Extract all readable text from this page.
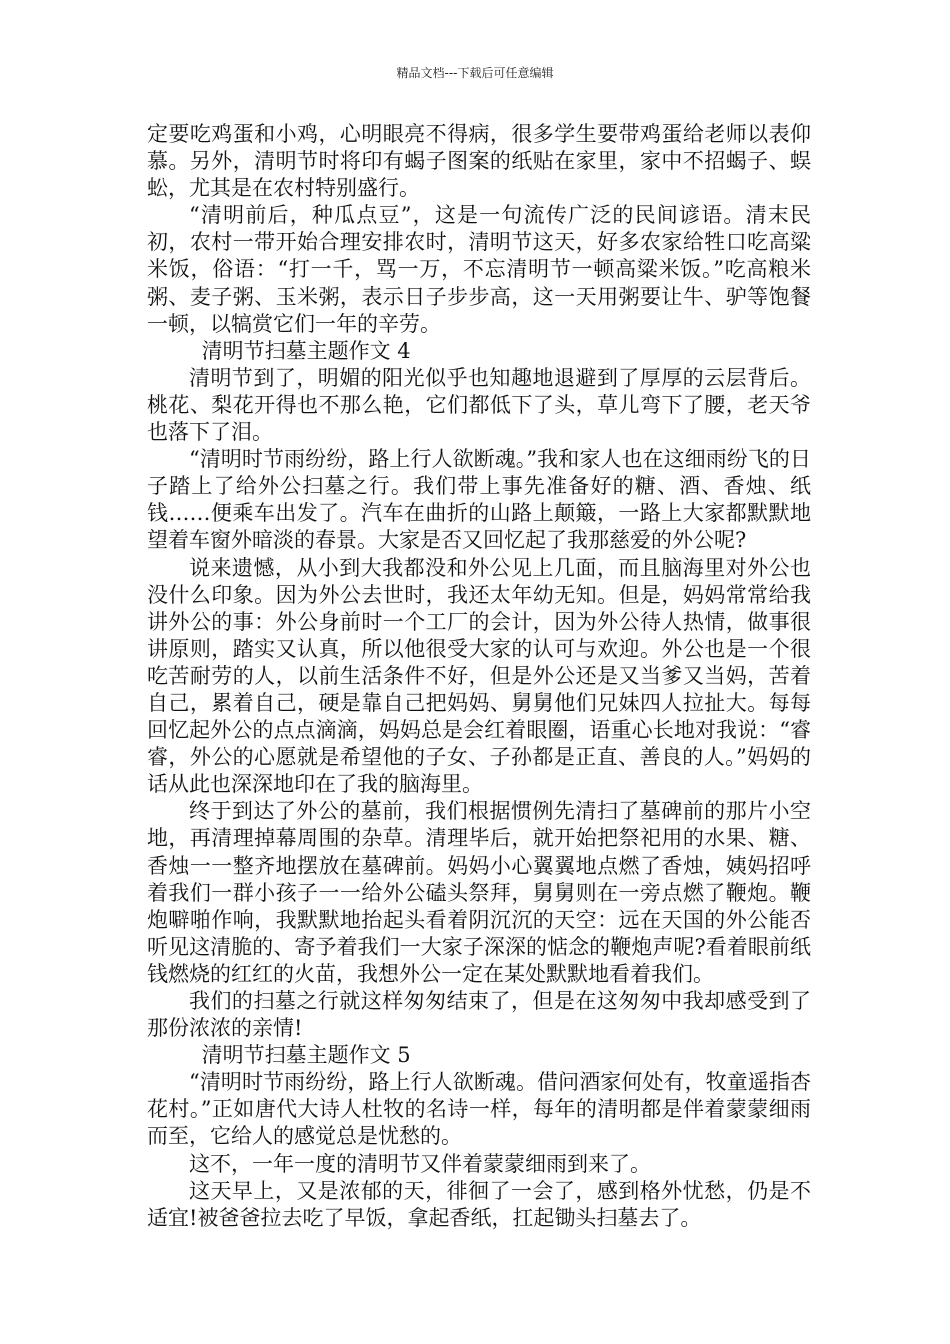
精品文档---下载后可任意编辑

定要吃鸡蛋和小鸡，心明眼亮不得病，很多学生要带鸡蛋给老师以表仰慕。另外，清明节时将印有蝎子图案的纸贴在家里，家中不招蝎子、蜈蚣，尤其是在农村特别盛行。

“清明前后，种瓜点豆”，这是一句流传广泛的民间谚语。清末民初，农村一带开始合理安排农时，清明节这天，好多农家给牲口吃高粱米饭，俗语：“打一千，骂一万，不忘清明节一顿高粱米饭。”吃高粮米粥、麦子粥、玉米粥，表示日子步步高，这一天用粥要让牛、驴等饱餐一顿，以犒赏它们一年的辛劳。

清明节扫墓主题作文 4

清明节到了，明媚的阳光似乎也知趣地退避到了厚厚的云层背后。桃花、梨花开得也不那么艳，它们都低下了头，草儿弯下了腰，老天爷也落下了泪。

“清明时节雨纷纷，路上行人欲断魂。”我和家人也在这细雨纷飞的日子踏上了给外公扫墓之行。我们带上事先准备好的糖、酒、香烛、纸钱……便乘车出发了。汽车在曲折的山路上颠簸，一路上大家都默默地望着车窗外暗淡的春景。大家是否又回忆起了我那慈爱的外公呢?

说来遗憾，从小到大我都没和外公见上几面，而且脑海里对外公也没什么印象。因为外公去世时，我还太年幼无知。但是，妈妈常常给我讲外公的事：外公身前时一个工厂的会计，因为外公待人热情，做事很讲原则，踏实又认真，所以他很受大家的认可与欢迎。外公也是一个很吃苦耐劳的人，以前生活条件不好，但是外公还是又当爹又当妈，苦着自己，累着自己，硬是靠自己把妈妈、舅舅他们兄妹四人拉扯大。每每回忆起外公的点点滴滴，妈妈总是会红着眼圈，语重心长地对我说：“睿睿，外公的心愿就是希望他的子女、子孙都是正直、善良的人。”妈妈的话从此也深深地印在了我的脑海里。

终于到达了外公的墓前，我们根据惯例先清扫了墓碑前的那片小空地，再清理掉幕周围的杂草。清理毕后，就开始把祭祀用的水果、糖、香烛一一整齐地摆放在墓碑前。妈妈小心翼翼地点燃了香烛，姨妈招呼着我们一群小孩子一一给外公磕头祭拜，舅舅则在一旁点燃了鞭炮。鞭炮噼啪作响，我默默地抬起头看着阴沉沉的天空：远在天国的外公能否听见这清脆的、寄予着我们一大家子深深的惦念的鞭炮声呢?看着眼前纸钱燃烧的红红的火苗，我想外公一定在某处默默地看着我们。

我们的扫墓之行就这样匆匆结束了，但是在这匆匆中我却感受到了那份浓浓的亲情!

清明节扫墓主题作文 5

“清明时节雨纷纷，路上行人欲断魂。借问酒家何处有，牧童遥指杏花村。”正如唐代大诗人杜牧的名诗一样，每年的清明都是伴着蒙蒙细雨而至，它给人的感觉总是忧愁的。

这不，一年一度的清明节又伴着蒙蒙细雨到来了。

这天早上，又是浓郁的天，徘徊了一会了，感到格外忧愁，仍是不适宜!被爸爸拉去吃了早饭，拿起香纸，扛起锄头扫墓去了。
